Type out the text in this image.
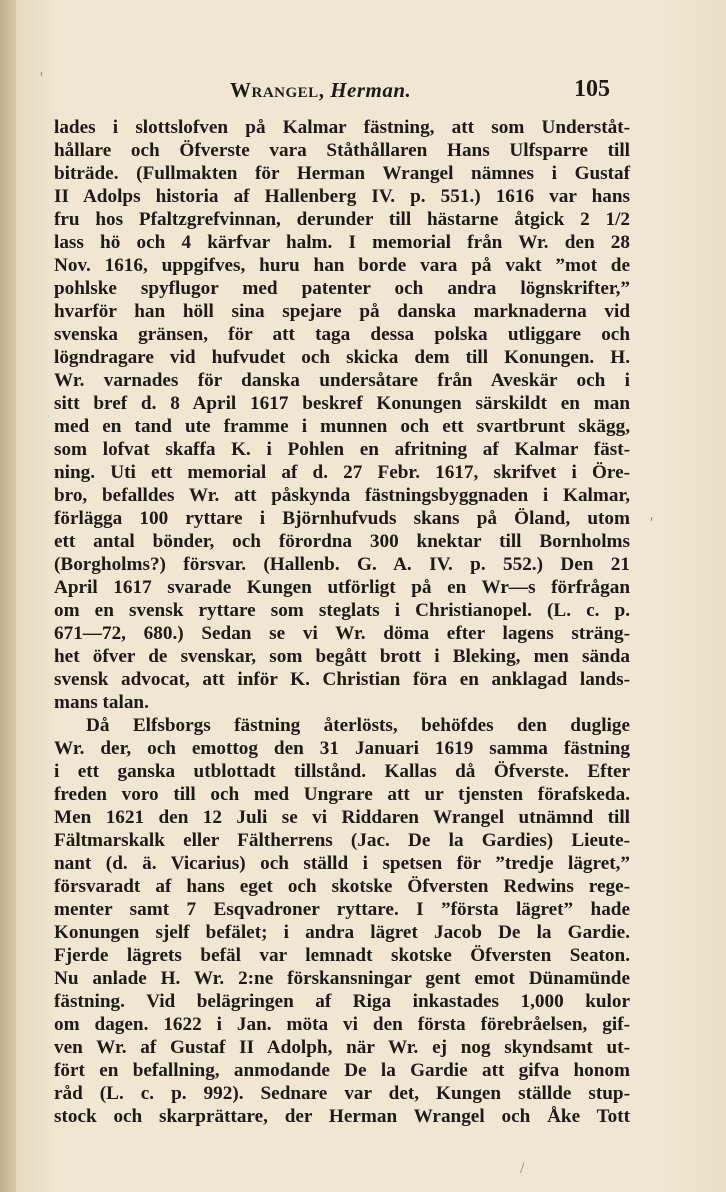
Wrangel, Herman.	105
lades i slottslofven på Kalmar fästning, att som Underståt-
hållare och Öfverste vara Ståthållaren Hans Ulfsparre till
biträde. (Fullmakten för Herman Wrangel nämnes i Gustaf
II Adolps historia af Hallenberg IV. p. 551.) 1616 var hans
fru hos Pfaltzgrefvinnan, derunder till hästarne åtgick 2 1/2
lass hö och 4 kärfvar halm. I memorial från Wr. den 28
Nov. 1616, uppgifves, huru han borde vara på vakt ”mot de
pohlske spyflugor med patenter och andra lögnskrifter,”
hvarför han höll sina spejare på danska marknaderna vid
svenska gränsen, för att taga dessa polska utliggare och
lögndragare vid hufvudet och skicka dem till Konungen. H.
Wr. varnades för danska undersåtare från Aveskär och i
sitt bref d. 8 April 1617 beskref Konungen särskildt en man
med en tand ute framme i munnen och ett svartbrunt skägg,
som lofvat skaffa K. i Pohlen en afritning af Kalmar fäst-
ning. Uti ett memorial af d. 27 Febr. 1617, skrifvet i Öre-
bro, befalldes Wr. att påskynda fästningsbyggnaden i Kalmar,
förlägga 100 ryttare i Björnhufvuds skans på Öland, utom
ett antal bönder, och förordna 300 knektar till Bornholms
(Borgholms?) försvar. (Hallenb. G. A. IV. p. 552.) Den 21
April 1617 svarade Kungen utförligt på en Wr—s förfrågan
om en svensk ryttare som steglats i Christianopel. (L. c. p.
671—72, 680.) Sedan se vi Wr. döma efter lagens sträng-
het öfver de svenskar, som begått brott i Bleking, men sända
svensk advocat, att inför K. Christian föra en anklagad lands-
mans talan.
Då Elfsborgs fästning återlösts, behöfdes den duglige
Wr. der, och emottog den 31 Januari 1619 samma fästning
i ett ganska utblottadt tillstånd. Kallas då Öfverste. Efter
freden voro till och med Ungrare att ur tjensten förafskeda.
Men 1621 den 12 Juli se vi Riddaren Wrangel utnämnd till
Fältmarskalk eller Fältherrens (Jac. De la Gardies) Lieute-
nant (d. ä. Vicarius) och ställd i spetsen för ”tredje lägret,”
försvaradt af hans eget och skotske Öfversten Redwins rege-
menter samt 7 Esqvadroner ryttare. I ”första lägret” hade
Konungen sjelf befälet; i andra lägret Jacob De la Gardie.
Fjerde lägrets befäl var lemnadt skotske Öfversten Seaton.
Nu anlade H. Wr. 2:ne förskansningar gent emot Dünamünde
fästning. Vid belägringen af Riga inkastades 1,000 kulor
om dagen. 1622 i Jan. möta vi den första förebråelsen, gif-
ven Wr. af Gustaf II Adolph, när Wr. ej nog skyndsamt ut-
fört en befallning, anmodande De la Gardie att gifva honom
råd (L. c. p. 992). Sednare var det, Kungen ställde stup-
stock och skarprättare, der Herman Wrangel och Åke Tott
'
′
/
